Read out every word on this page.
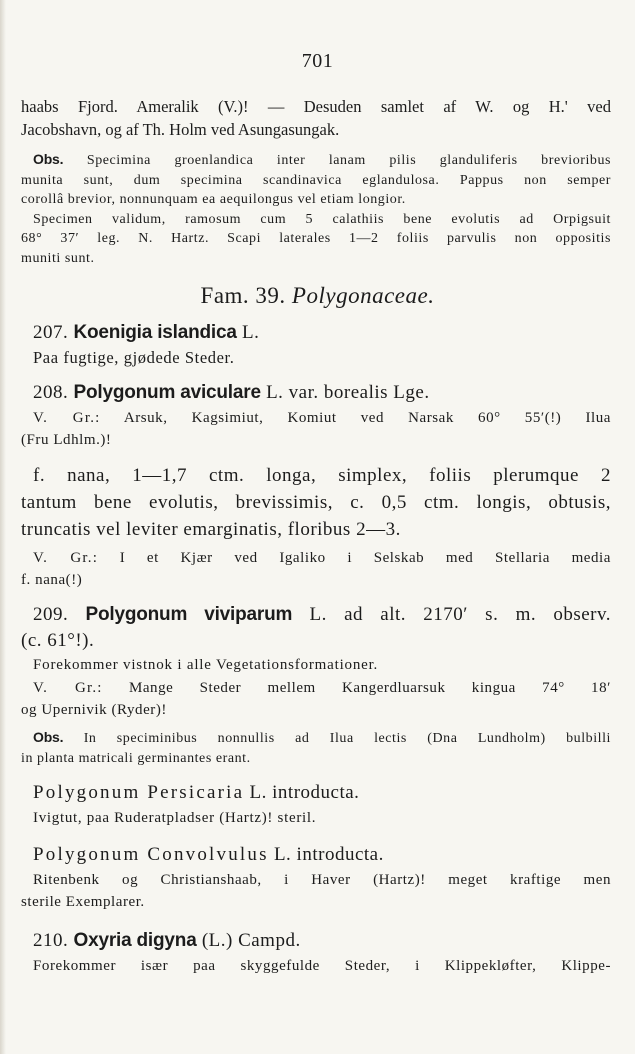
701
haabs Fjord. Ameralik (V.)! — Desuden samlet af W. og H.' ved
Jacobshavn, og af Th. Holm ved Asungasungak.
Obs. Specimina groenlandica inter lanam pilis glanduliferis brevioribus
munita sunt, dum specimina scandinavica eglandulosa. Pappus non semper
corollâ brevior, nonnunquam ea aequilongus vel etiam longior.
Specimen validum, ramosum cum 5 calathiis bene evolutis ad Orpigsuit
68° 37′ leg. N. Hartz. Scapi laterales 1—2 foliis parvulis non oppositis
muniti sunt.
Fam. 39. Polygonaceae.
207. Koenigia islandica L.
Paa fugtige, gjødede Steder.
208. Polygonum aviculare L. var. borealis Lge.
V. Gr.: Arsuk, Kagsimiut, Komiut ved Narsak 60° 55′(!) Ilua
(Fru Ldhlm.)!
f. nana, 1—1,7 ctm. longa, simplex, foliis plerumque 2
tantum bene evolutis, brevissimis, c. 0,5 ctm. longis, obtusis,
truncatis vel leviter emarginatis, floribus 2—3.
V. Gr.: I et Kjær ved Igaliko i Selskab med Stellaria media
f. nana(!)
209. Polygonum viviparum L. ad alt. 2170′ s. m. observ.
(c. 61°!).
Forekommer vistnok i alle Vegetationsformationer.
V. Gr.: Mange Steder mellem Kangerdluarsuk kingua 74° 18′
og Upernivik (Ryder)!
Obs. In speciminibus nonnullis ad Ilua lectis (Dna Lundholm) bulbilli
in planta matricali germinantes erant.
Polygonum Persicaria L. introducta.
Ivigtut, paa Ruderatpladser (Hartz)! steril.
Polygonum Convolvulus L. introducta.
Ritenbenk og Christianshaab, i Haver (Hartz)! meget kraftige men
sterile Exemplarer.
210. Oxyria digyna (L.) Campd.
Forekommer især paa skyggefulde Steder, i Klippekløfter, Klippe-
